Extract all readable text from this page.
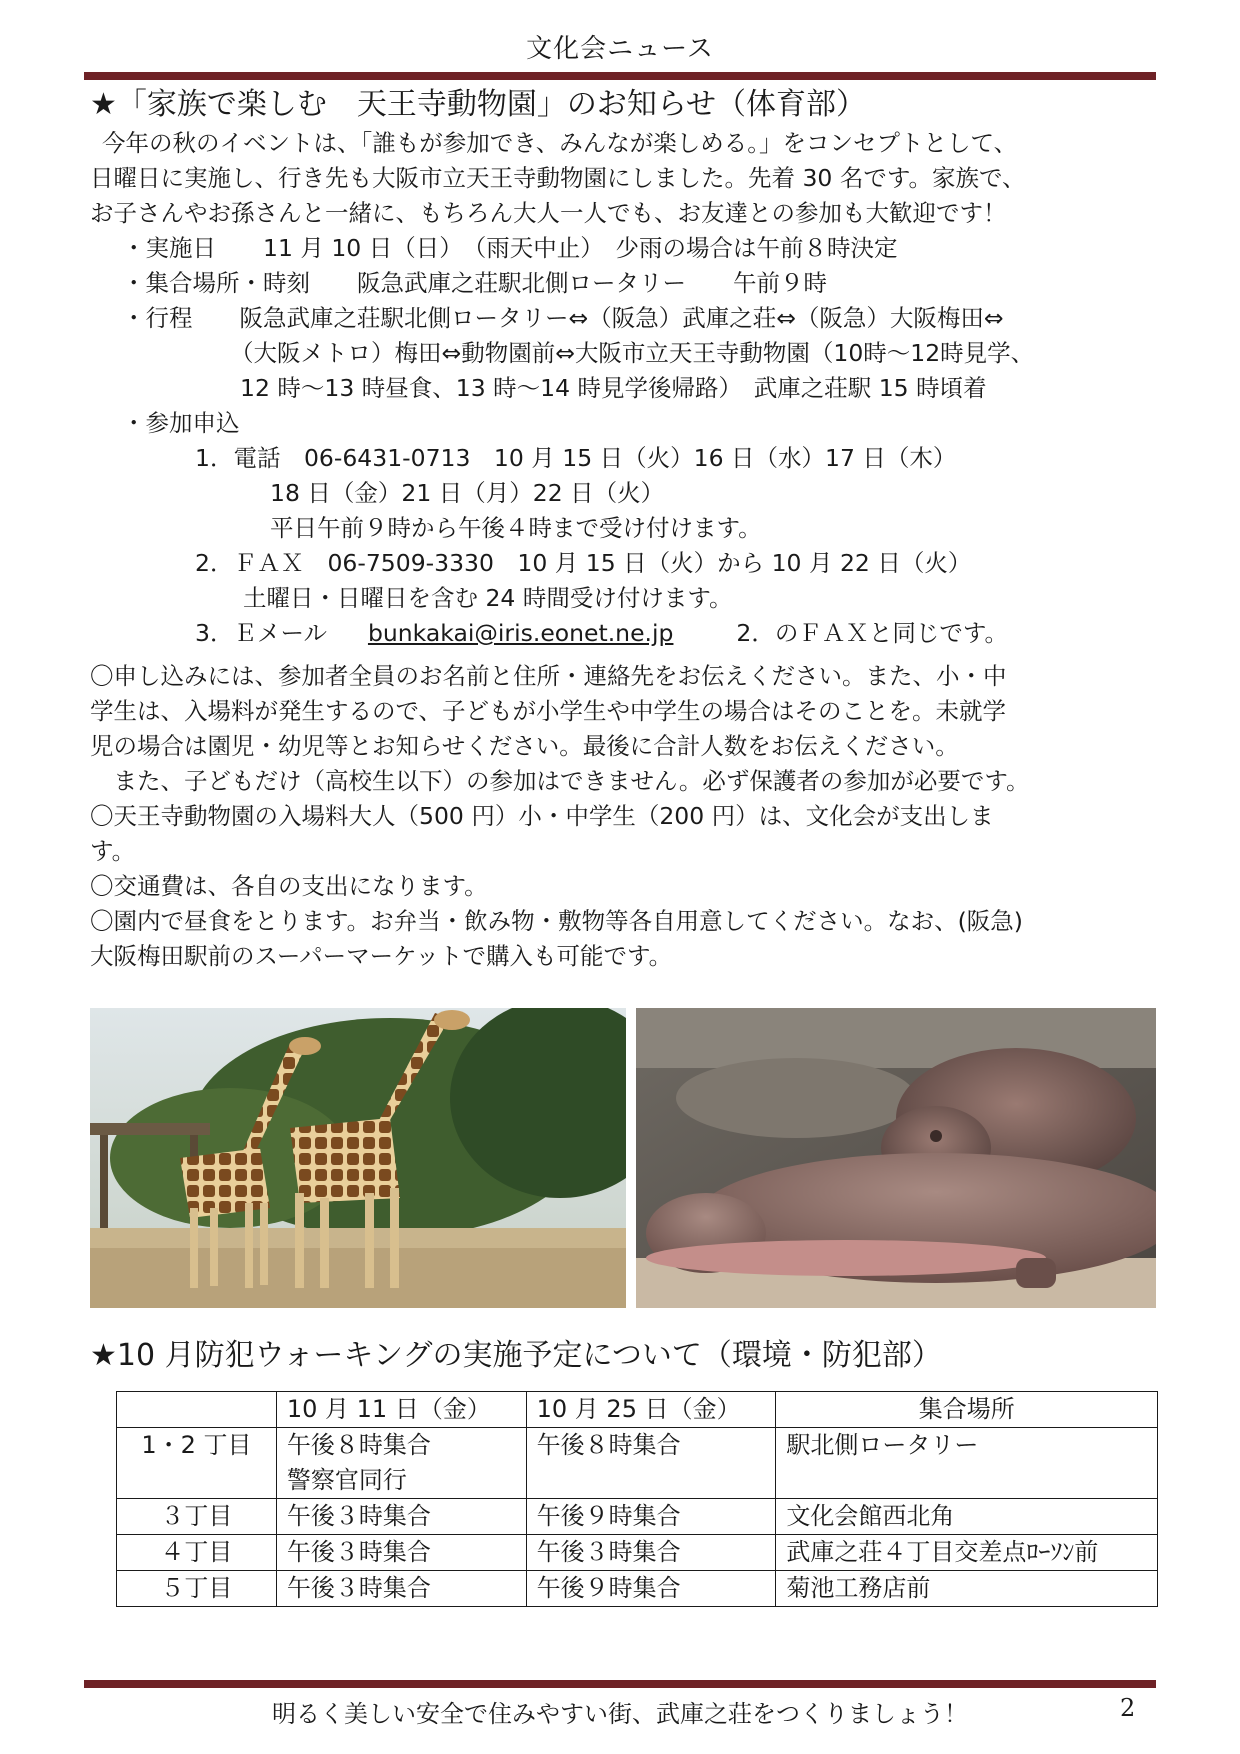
文化会ニュース

★「家族で楽しむ　天王寺動物園」のお知らせ（体育部）

今年の秋のイベントは、「誰もが参加でき、みんなが楽しめる。」をコンセプトとして、

日曜日に実施し、行き先も大阪市立天王寺動物園にしました。先着 30 名です。家族で、

お子さんやお孫さんと一緒に、もちろん大人一人でも、お友達との参加も大歓迎です！

・実施日　　11 月 10 日（日）　（雨天中止）　少雨の場合は午前８時決定

・集合場所・時刻　　阪急武庫之荘駅北側ロータリー　　午前９時

・行程　　阪急武庫之荘駅北側ロータリー⇔（阪急）武庫之荘⇔（阪急）大阪梅田⇔

（大阪メトロ）梅田⇔動物園前⇔大阪市立天王寺動物園（10時～12時見学、

12 時～13 時昼食、13 時～14 時見学後帰路）　武庫之荘駅 15 時頃着

・参加申込

1．電話　06-6431-0713　10 月 15 日（火）16 日（水）17 日（木）

18 日（金）21 日（月）22 日（火）

平日午前９時から午後４時まで受け付けます。

2．ＦＡＸ　06-7509-3330　10 月 15 日（火）から 10 月 22 日（火）

土曜日・日曜日を含む 24 時間受け付けます。

3．Ｅメール bunkakai@iris.eonet.ne.jp	2．のＦＡＸと同じです。

〇申し込みには、参加者全員のお名前と住所・連絡先をお伝えください。また、小・中

学生は、入場料が発生するので、子どもが小学生や中学生の場合はそのことを。未就学

児の場合は園児・幼児等とお知らせください。最後に合計人数をお伝えください。

　また、子どもだけ（高校生以下）の参加はできません。必ず保護者の参加が必要です。

〇天王寺動物園の入場料大人（500 円）小・中学生（200 円）は、文化会が支出しま

す。

〇交通費は、各自の支出になります。

〇園内で昼食をとります。お弁当・飲み物・敷物等各自用意してください。なお、(阪急)

大阪梅田駅前のスーパーマーケットで購入も可能です。

★10 月防犯ウォーキングの実施予定について（環境・防犯部）

	10 月 11 日（金）	10 月 25 日（金）	集合場所
1・2 丁目	午後８時集合
警察官同行	午後８時集合	駅北側ロータリー
３丁目	午後３時集合	午後９時集合	文化会館西北角
４丁目	午後３時集合	午後３時集合	武庫之荘４丁目交差点ﾛｰｿﾝ前
５丁目	午後３時集合	午後９時集合	菊池工務店前
明るく美しい安全で住みやすい街、武庫之荘をつくりましょう！	2
